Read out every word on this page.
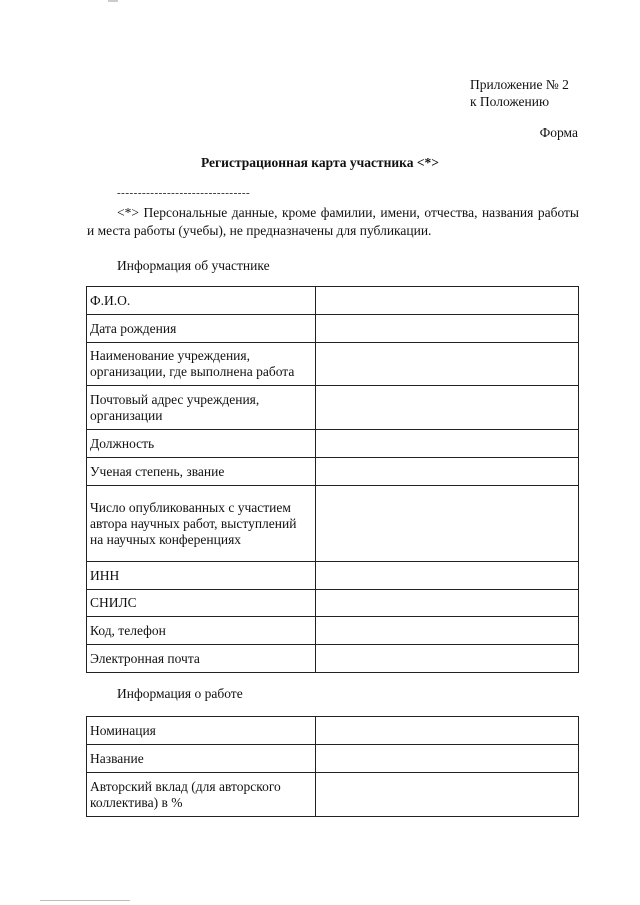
Приложение № 2
к Положению
Форма
Регистрационная карта участника <*>
--------------------------------
<*> Персональные данные, кроме фамилии, имени, отчества, названия работы и места работы (учебы), не предназначены для публикации.
Информация об участнике
Ф.И.О.	
Дата рождения	
Наименование учреждения, организации, где выполнена работа	
Почтовый адрес учреждения, организации	
Должность	
Ученая степень, звание	
Число опубликованных с участием автора научных работ, выступлений на научных конференциях	
ИНН	
СНИЛС	
Код, телефон	
Электронная почта	
Информация о работе
Номинация	
Название	
Авторский вклад (для авторского коллектива) в %	
